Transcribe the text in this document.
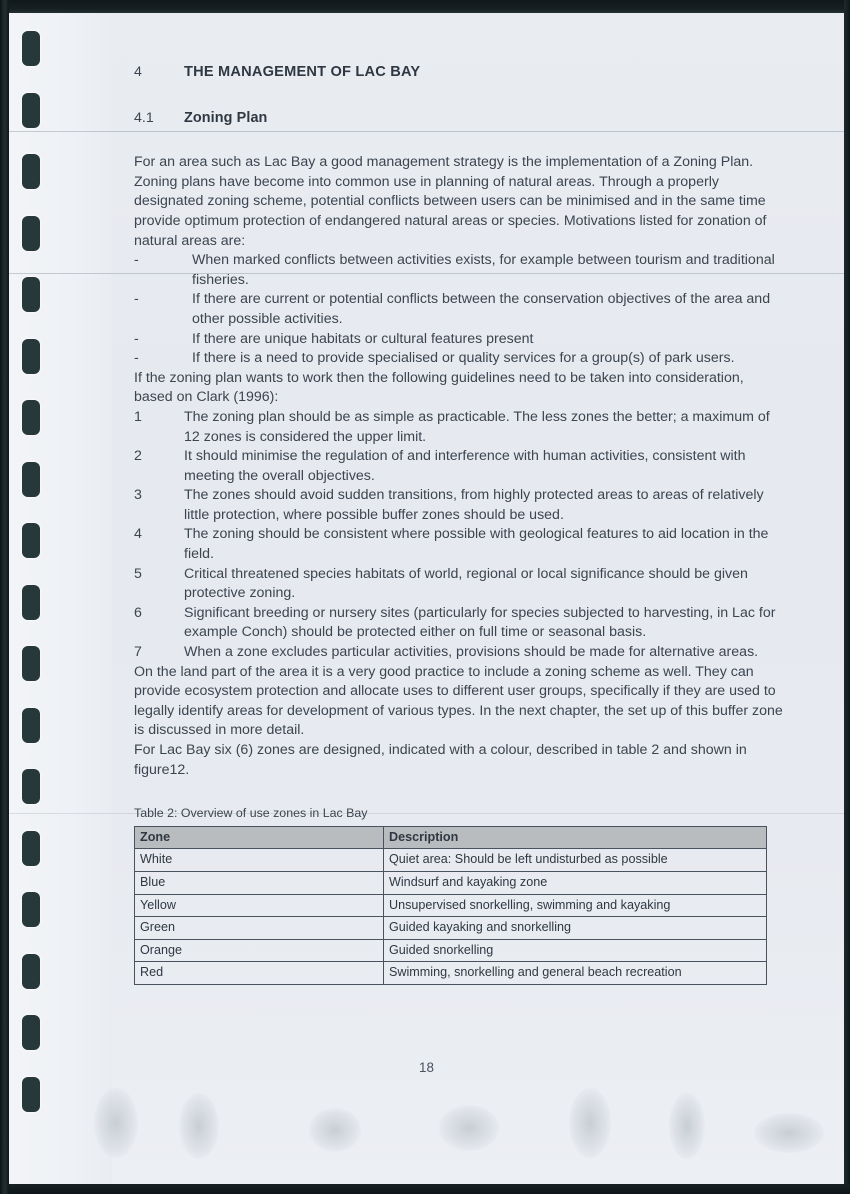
4	THE MANAGEMENT OF LAC BAY
4.1	Zoning Plan

For an area such as Lac Bay a good management strategy is the implementation of a Zoning Plan. Zoning plans have become into common use in planning of natural areas. Through a properly designated zoning scheme, potential conflicts between users can be minimised and in the same time provide optimum protection of endangered natural areas or species. Motivations listed for zonation of natural areas are:

-	When marked conflicts between activities exists, for example between tourism and traditional fisheries.
-	If there are current or potential conflicts between the conservation objectives of the area and other possible activities.
-	If there are unique habitats or cultural features present
-	If there is a need to provide specialised or quality services for a group(s) of park users.

If the zoning plan wants to work then the following guidelines need to be taken into consideration, based on Clark (1996):

1	The zoning plan should be as simple as practicable. The less zones the better; a maximum of 12 zones is considered the upper limit.
2	It should minimise the regulation of and interference with human activities, consistent with meeting the overall objectives.
3	The zones should avoid sudden transitions, from highly protected areas to areas of relatively little protection, where possible buffer zones should be used.
4	The zoning should be consistent where possible with geological features to aid location in the field.
5	Critical threatened species habitats of world, regional or local significance should be given protective zoning.
6	Significant breeding or nursery sites (particularly for species subjected to harvesting, in Lac for example Conch) should be protected either on full time or seasonal basis.
7	When a zone excludes particular activities, provisions should be made for alternative areas.

On the land part of the area it is a very good practice to include a zoning scheme as well. They can provide ecosystem protection and allocate uses to different user groups, specifically if they are used to legally identify areas for development of various types. In the next chapter, the set up of this buffer zone is discussed in more detail.

For Lac Bay six (6) zones are designed, indicated with a colour, described in table 2 and shown in figure12.

Table 2: Overview of use zones in Lac Bay
Zone	Description
White	Quiet area: Should be left undisturbed as possible
Blue	Windsurf and kayaking zone
Yellow	Unsupervised snorkelling, swimming and kayaking
Green	Guided kayaking and snorkelling
Orange	Guided snorkelling
Red	Swimming, snorkelling and general beach recreation
18
